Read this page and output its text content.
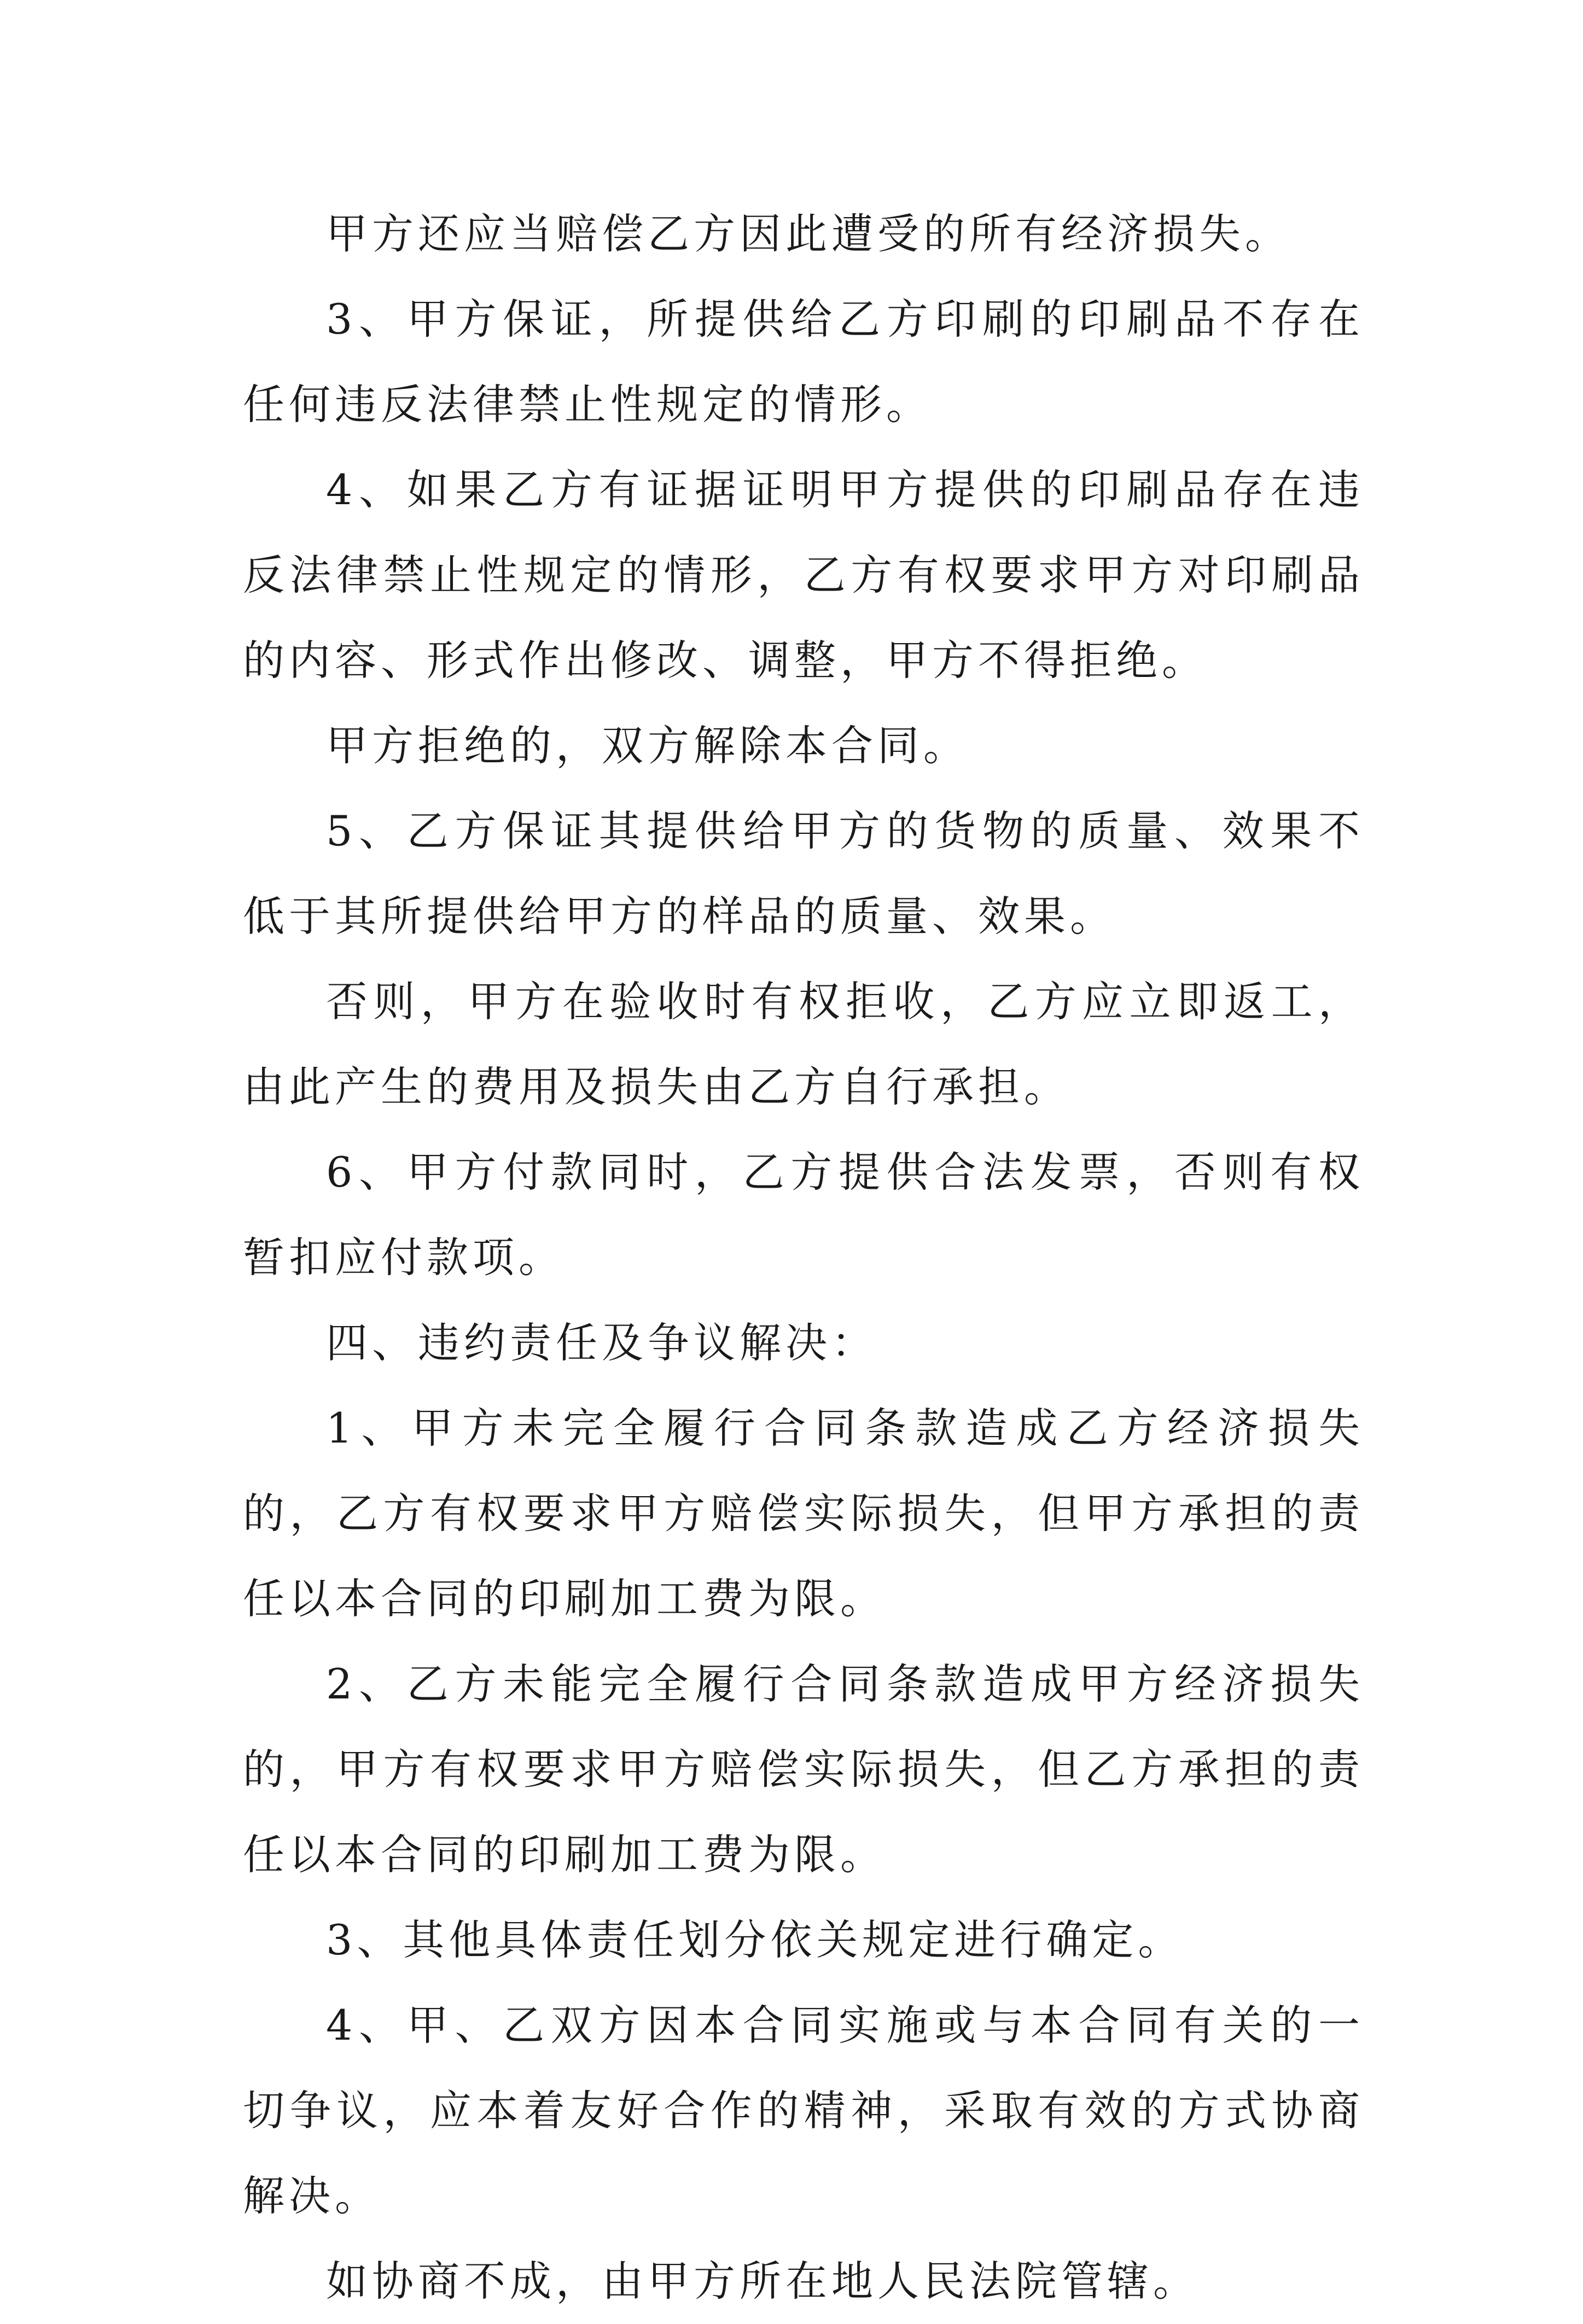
甲方还应当赔偿乙方因此遭受的所有经济损失。

3、甲方保证，所提供给乙方印刷的印刷品不存在任何违反法律禁止性规定的情形。

4、如果乙方有证据证明甲方提供的印刷品存在违反法律禁止性规定的情形，乙方有权要求甲方对印刷品的内容、形式作出修改、调整，甲方不得拒绝。

甲方拒绝的，双方解除本合同。

5、乙方保证其提供给甲方的货物的质量、效果不低于其所提供给甲方的样品的质量、效果。

否则，甲方在验收时有权拒收，乙方应立即返工，由此产生的费用及损失由乙方自行承担。

6、甲方付款同时，乙方提供合法发票，否则有权暂扣应付款项。

四、违约责任及争议解决：

1、甲方未完全履行合同条款造成乙方经济损失的，乙方有权要求甲方赔偿实际损失，但甲方承担的责任以本合同的印刷加工费为限。

2、乙方未能完全履行合同条款造成甲方经济损失的，甲方有权要求甲方赔偿实际损失，但乙方承担的责任以本合同的印刷加工费为限。

3、其他具体责任划分依关规定进行确定。

4、甲、乙双方因本合同实施或与本合同有关的一切争议，应本着友好合作的精神，采取有效的方式协商解决。

如协商不成，由甲方所在地人民法院管辖。
